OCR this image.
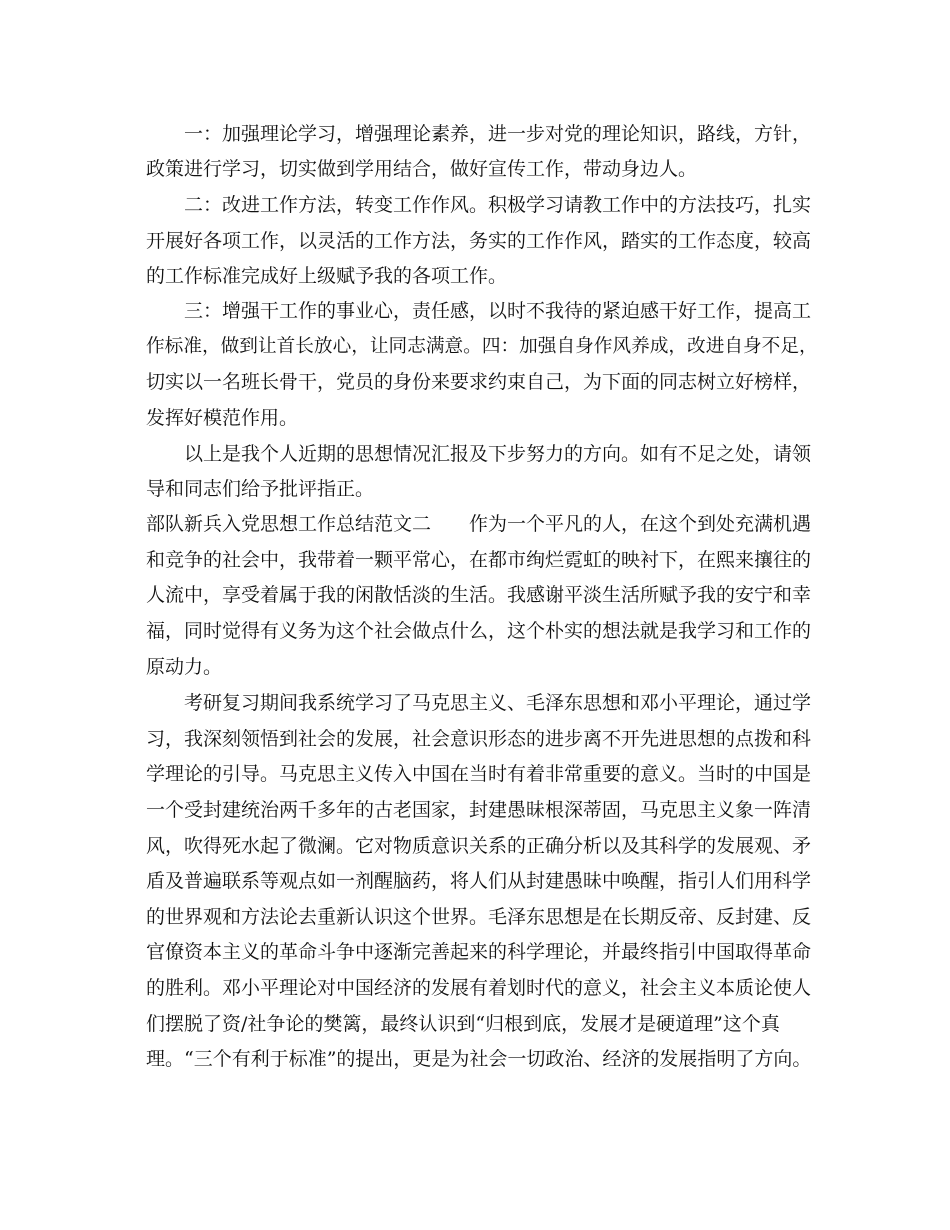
一：加强理论学习，增强理论素养，进一步对党的理论知识，路线，方针，

政策进行学习，切实做到学用结合，做好宣传工作，带动身边人。

二：改进工作方法，转变工作作风。积极学习请教工作中的方法技巧，扎实

开展好各项工作，以灵活的工作方法，务实的工作作风，踏实的工作态度，较高

的工作标准完成好上级赋予我的各项工作。

三：增强干工作的事业心，责任感，以时不我待的紧迫感干好工作，提高工

作标准，做到让首长放心，让同志满意。四：加强自身作风养成，改进自身不足，

切实以一名班长骨干，党员的身份来要求约束自己，为下面的同志树立好榜样，

发挥好模范作用。

以上是我个人近期的思想情况汇报及下步努力的方向。如有不足之处，请领

导和同志们给予批评指正。

部队新兵入党思想工作总结范文二　　作为一个平凡的人，在这个到处充满机遇

和竞争的社会中，我带着一颗平常心，在都市绚烂霓虹的映衬下，在熙来攘往的

人流中，享受着属于我的闲散恬淡的生活。我感谢平淡生活所赋予我的安宁和幸

福，同时觉得有义务为这个社会做点什么，这个朴实的想法就是我学习和工作的

原动力。

考研复习期间我系统学习了马克思主义、毛泽东思想和邓小平理论，通过学

习，我深刻领悟到社会的发展，社会意识形态的进步离不开先进思想的点拨和科

学理论的引导。马克思主义传入中国在当时有着非常重要的意义。当时的中国是

一个受封建统治两千多年的古老国家，封建愚昧根深蒂固，马克思主义象一阵清

风，吹得死水起了微澜。它对物质意识关系的正确分析以及其科学的发展观、矛

盾及普遍联系等观点如一剂醒脑药，将人们从封建愚昧中唤醒，指引人们用科学

的世界观和方法论去重新认识这个世界。毛泽东思想是在长期反帝、反封建、反

官僚资本主义的革命斗争中逐渐完善起来的科学理论，并最终指引中国取得革命

的胜利。邓小平理论对中国经济的发展有着划时代的意义，社会主义本质论使人

们摆脱了资/社争论的樊篱，最终认识到“归根到底，发展才是硬道理”这个真

理。“三个有利于标准”的提出，更是为社会一切政治、经济的发展指明了方向。
